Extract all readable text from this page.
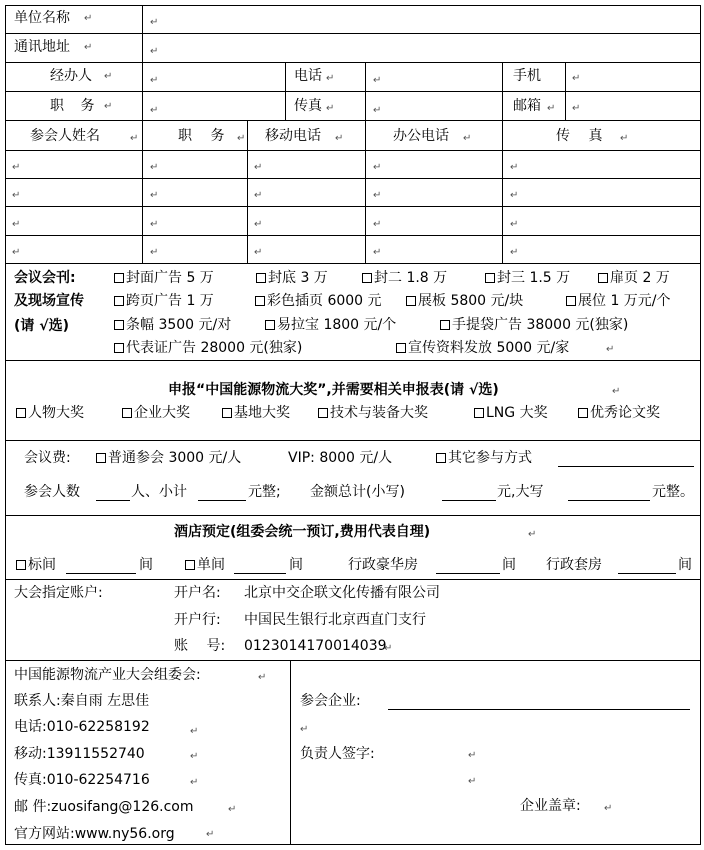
单位名称 ↵	↵
通讯地址 ↵	↵
经办人 ↵	↵	电话 ↵	↵	手机	↵
职 务 ↵	↵	传真 ↵	↵	邮箱 ↵ ↵
参会人姓名	↵	职 务 ↵ 移动电话 ↵	办公电话 ↵	传 真 ↵
↵	↵	↵	↵	↵
↵	↵	↵	↵	↵
↵	↵	↵	↵	↵
↵	↵	↵	↵	↵
会议会刊:
及现场宣传
(请 √选)
封面广告 5 万	封底 3 万	封二 1.8 万	封三 1.5 万	扉页 2 万
跨页广告 1 万	彩色插页 6000 元	展板 5800 元/块	展位 1 万元/个
条幅 3500 元/对	易拉宝 1800 元/个	手提袋广告 38000 元(独家)
代表证广告 28000 元(独家)	宣传资料发放 5000 元/家	↵
申报“中国能源物流大奖”,并需要相关申报表(请 √选)	↵
人物大奖	企业大奖	基地大奖	技术与装备大奖	LNG 大奖	优秀论文奖
会议费:	普通参会 3000 元/人	VIP: 8000 元/人	其它参与方式
参会人数	人、小计	元整; 金额总计(小写)	元,大写	元整。
酒店预定(组委会统一预订,费用代表自理)	↵
标间	间	单间	间	行政豪华房	间 行政套房	间
大会指定账户:	开户名: 北京中交企联文化传播有限公司
开户行: 中国民生银行北京西直门支行
账 号: 0123014170014039
↵
中国能源物流产业大会组委会:	↵
联系人:秦自雨 左思佳
电话:010-62258192	↵
移动:13911552740	↵
传真:010-62254716	↵
邮 件:zuosifang@126.com	↵
官方网站:www.ny56.org	↵
参会企业:
↵
负责人签字:	↵
↵
企业盖章: ↵
